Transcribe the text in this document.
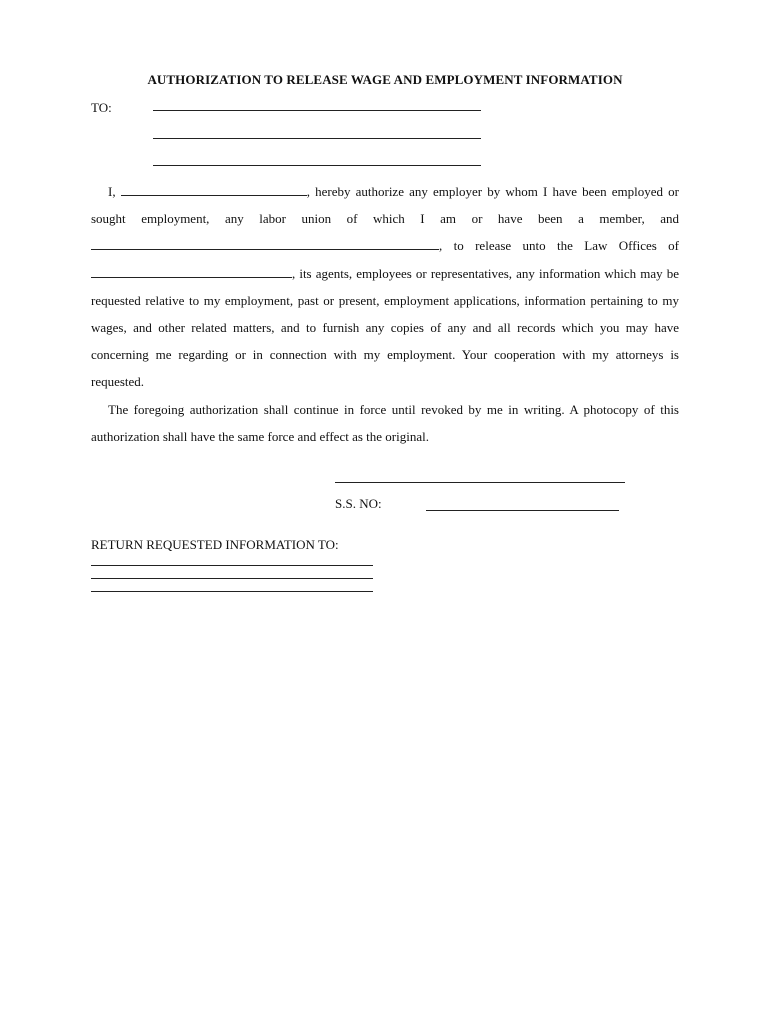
AUTHORIZATION TO RELEASE WAGE AND EMPLOYMENT INFORMATION
TO:
I,	, hereby authorize any employer by whom I have been employed or sought employment, any labor union of which I am or have been a member, and , to release unto the Law Offices of , its agents, employees or representatives, any information which may be requested relative to my employment, past or present, employment applications, information pertaining to my wages, and other related matters, and to furnish any copies of any and all records which you may have concerning me regarding or in connection with my employment. Your cooperation with my attorneys is requested.
The foregoing authorization shall continue in force until revoked by me in writing. A photocopy of this authorization shall have the same force and effect as the original.
S.S. NO:
RETURN REQUESTED INFORMATION TO:
